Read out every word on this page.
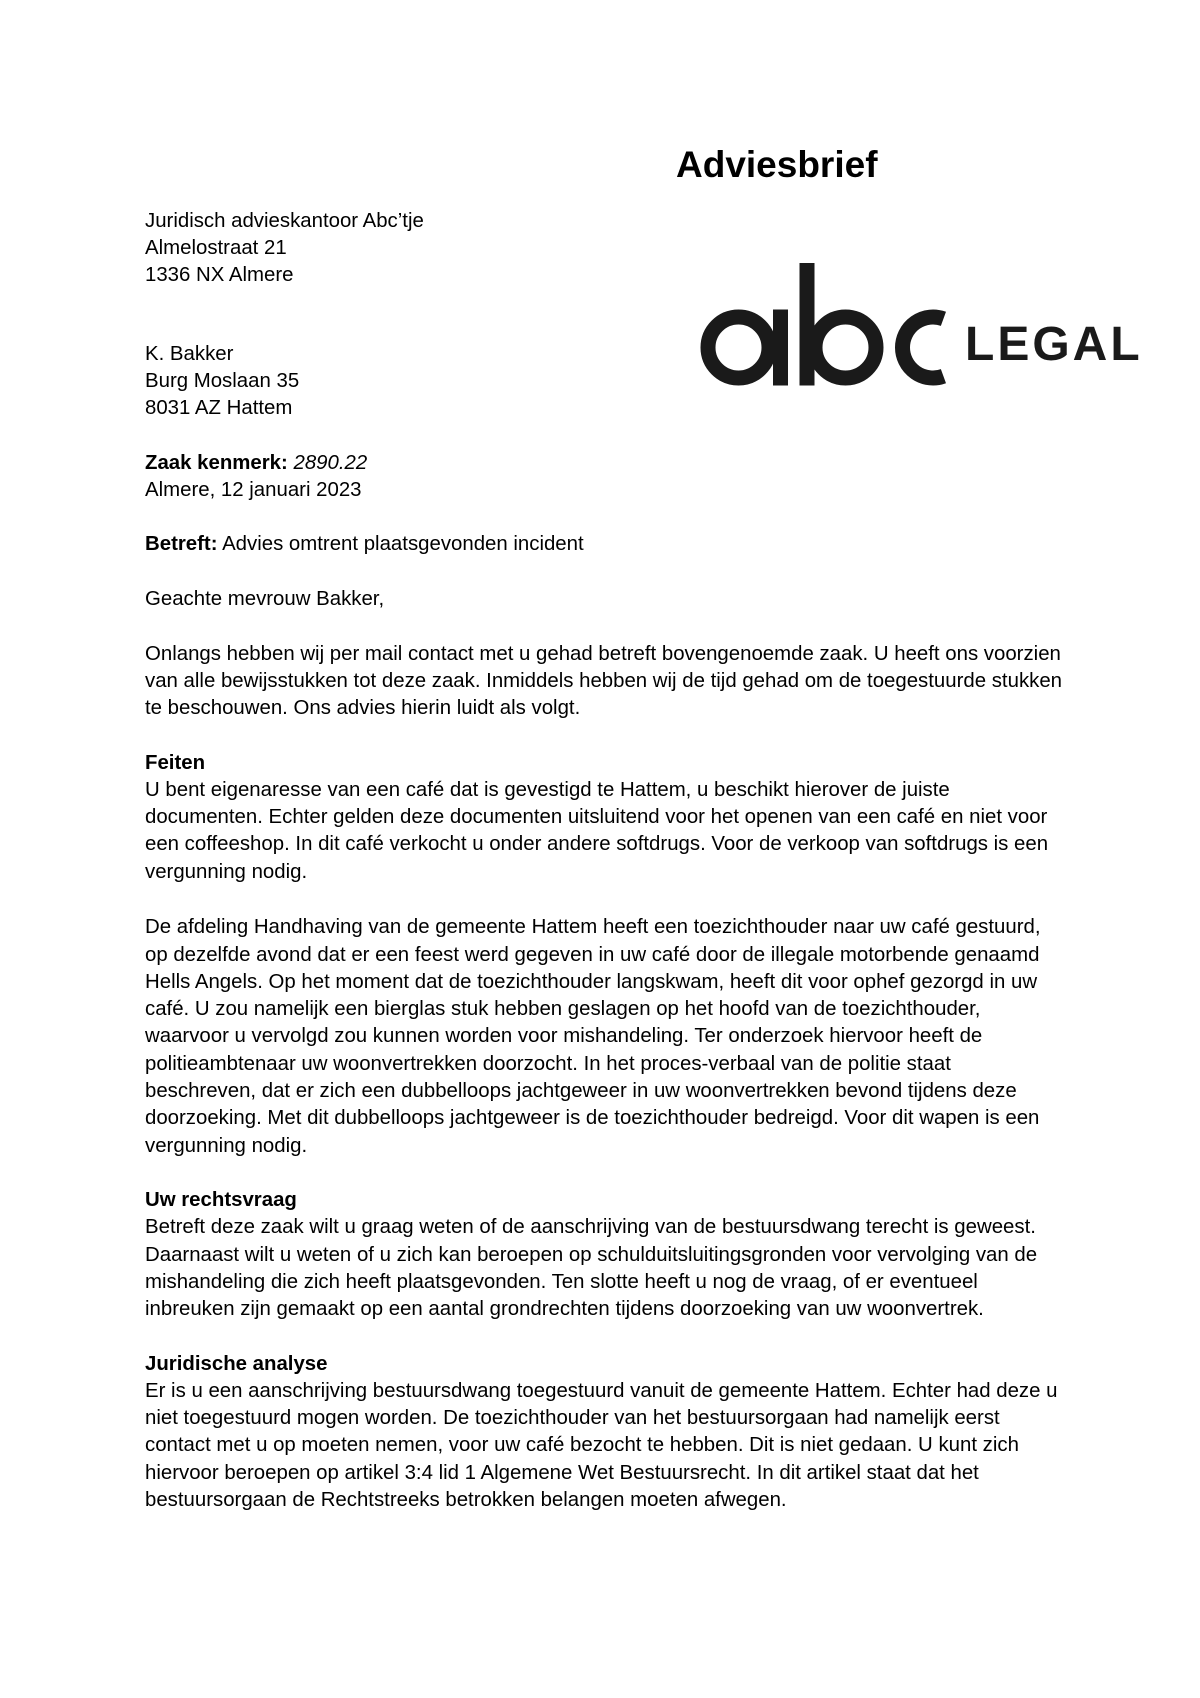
Adviesbrief
LEGAL
Juridisch advieskantoor Abc’tje
Almelostraat 21
1336 NX Almere
K. Bakker
Burg Moslaan 35
8031 AZ Hattem
Zaak kenmerk: 2890.22
Almere, 12 januari 2023
Betreft: Advies omtrent plaatsgevonden incident
Geachte mevrouw Bakker,
Onlangs hebben wij per mail contact met u gehad betreft bovengenoemde zaak. U heeft ons voorzien
van alle bewijsstukken tot deze zaak. Inmiddels hebben wij de tijd gehad om de toegestuurde stukken
te beschouwen. Ons advies hierin luidt als volgt.
Feiten
U bent eigenaresse van een café dat is gevestigd te Hattem, u beschikt hierover de juiste
documenten. Echter gelden deze documenten uitsluitend voor het openen van een café en niet voor
een coffeeshop. In dit café verkocht u onder andere softdrugs. Voor de verkoop van softdrugs is een
vergunning nodig.
De afdeling Handhaving van de gemeente Hattem heeft een toezichthouder naar uw café gestuurd,
op dezelfde avond dat er een feest werd gegeven in uw café door de illegale motorbende genaamd
Hells Angels. Op het moment dat de toezichthouder langskwam, heeft dit voor ophef gezorgd in uw
café. U zou namelijk een bierglas stuk hebben geslagen op het hoofd van de toezichthouder,
waarvoor u vervolgd zou kunnen worden voor mishandeling. Ter onderzoek hiervoor heeft de
politieambtenaar uw woonvertrekken doorzocht. In het proces-verbaal van de politie staat
beschreven, dat er zich een dubbelloops jachtgeweer in uw woonvertrekken bevond tijdens deze
doorzoeking. Met dit dubbelloops jachtgeweer is de toezichthouder bedreigd. Voor dit wapen is een
vergunning nodig.
Uw rechtsvraag
Betreft deze zaak wilt u graag weten of de aanschrijving van de bestuursdwang terecht is geweest.
Daarnaast wilt u weten of u zich kan beroepen op schulduitsluitingsgronden voor vervolging van de
mishandeling die zich heeft plaatsgevonden. Ten slotte heeft u nog de vraag, of er eventueel
inbreuken zijn gemaakt op een aantal grondrechten tijdens doorzoeking van uw woonvertrek.
Juridische analyse
Er is u een aanschrijving bestuursdwang toegestuurd vanuit de gemeente Hattem. Echter had deze u
niet toegestuurd mogen worden. De toezichthouder van het bestuursorgaan had namelijk eerst
contact met u op moeten nemen, voor uw café bezocht te hebben. Dit is niet gedaan. U kunt zich
hiervoor beroepen op artikel 3:4 lid 1 Algemene Wet Bestuursrecht. In dit artikel staat dat het
bestuursorgaan de Rechtstreeks betrokken belangen moeten afwegen.
